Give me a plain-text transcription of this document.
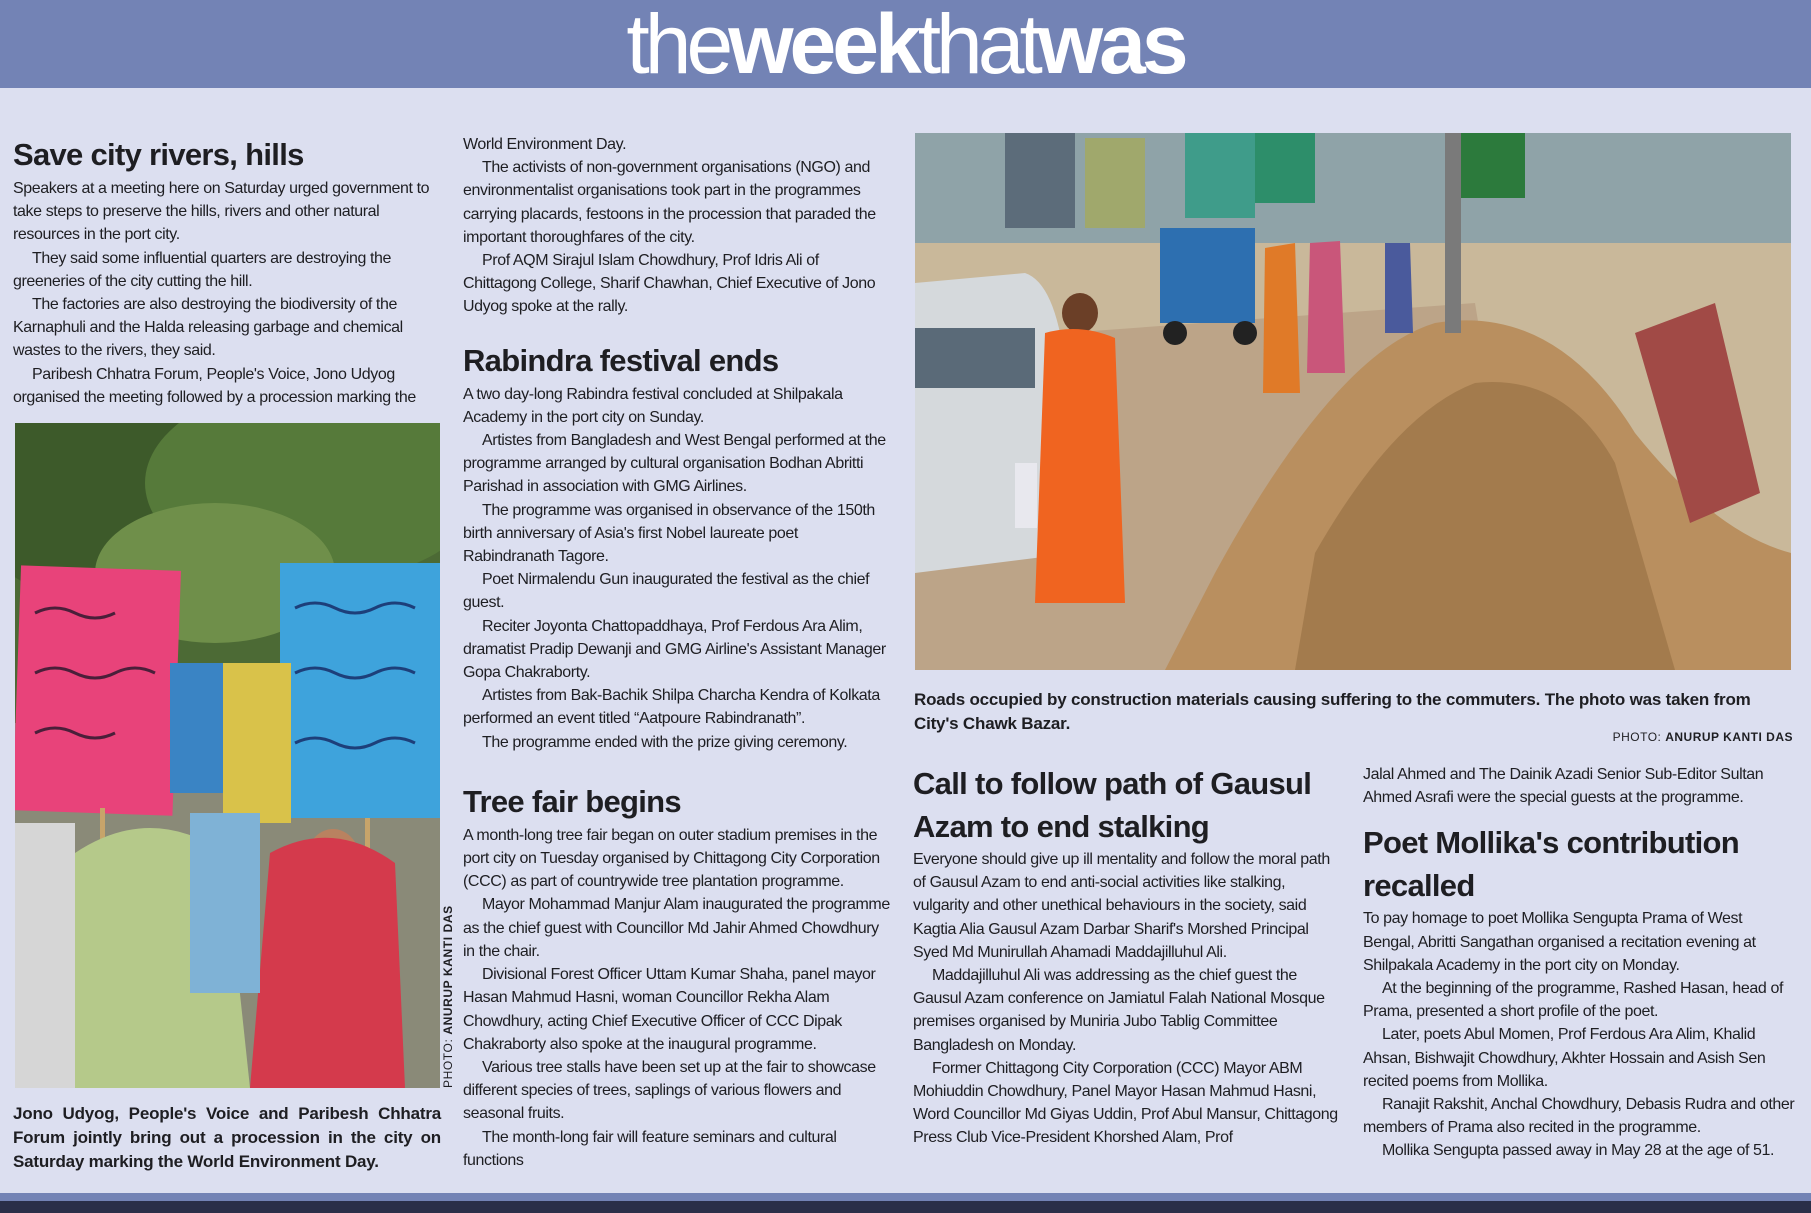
theweekthatwas
Save city rivers, hills

Speakers at a meeting here on Saturday urged government to take steps to preserve the hills, rivers and other natural resources in the port city.

They said some influential quarters are destroying the greeneries of the city cutting the hill.

The factories are also destroying the biodiversity of the Karnaphuli and the Halda releasing garbage and chemical wastes to the rivers, they said.

Paribesh Chhatra Forum, People's Voice, Jono Udyog organised the meeting followed by a procession marking the

PHOTO: ANURUP KANTI DAS
Jono Udyog, People's Voice and Paribesh Chhatra Forum jointly bring out a procession in the city on Saturday marking the World Environment Day.

World Environment Day.

The activists of non-government organisations (NGO) and environmentalist organisations took part in the programmes carrying placards, festoons in the procession that paraded the important thoroughfares of the city.

Prof AQM Sirajul Islam Chowdhury, Prof Idris Ali of Chittagong College, Sharif Chawhan, Chief Executive of Jono Udyog spoke at the rally.

Rabindra festival ends

A two day-long Rabindra festival concluded at Shilpakala Academy in the port city on Sunday.

Artistes from Bangladesh and West Bengal performed at the programme arranged by cultural organisation Bodhan Abritti Parishad in association with GMG Airlines.

The programme was organised in observance of the 150th birth anniversary of Asia's first Nobel laureate poet Rabindranath Tagore.

Poet Nirmalendu Gun inaugurated the festival as the chief guest.

Reciter Joyonta Chattopaddhaya, Prof Ferdous Ara Alim, dramatist Pradip Dewanji and GMG Airline's Assistant Manager Gopa Chakraborty.

Artistes from Bak-Bachik Shilpa Charcha Kendra of Kolkata performed an event titled “Aatpoure Rabindranath”.

The programme ended with the prize giving ceremony.

Tree fair begins

A month-long tree fair began on outer stadium premises in the port city on Tuesday organised by Chittagong City Corporation (CCC) as part of countrywide tree plantation programme.

Mayor Mohammad Manjur Alam inaugurated the programme as the chief guest with Councillor Md Jahir Ahmed Chowdhury in the chair.

Divisional Forest Officer Uttam Kumar Shaha, panel mayor Hasan Mahmud Hasni, woman Councillor Rekha Alam Chowdhury, acting Chief Executive Officer of CCC Dipak Chakraborty also spoke at the inaugural programme.

Various tree stalls have been set up at the fair to showcase different species of trees, saplings of various flowers and seasonal fruits.

The month-long fair will feature seminars and cultural functions

Roads occupied by construction materials causing suffering to the commuters. The photo was taken from City's Chawk Bazar.
PHOTO: ANURUP KANTI DAS
Call to follow path of Gausul Azam to end stalking

Everyone should give up ill mentality and follow the moral path of Gausul Azam to end anti-social activities like stalking, vulgarity and other unethical behaviours in the society, said Kagtia Alia Gausul Azam Darbar Sharif's Morshed Principal Syed Md Munirullah Ahamadi Maddajilluhul Ali.

Maddajilluhul Ali was addressing as the chief guest the Gausul Azam conference on Jamiatul Falah National Mosque premises organised by Muniria Jubo Tablig Committee Bangladesh on Monday.

Former Chittagong City Corporation (CCC) Mayor ABM Mohiuddin Chowdhury, Panel Mayor Hasan Mahmud Hasni, Word Councillor Md Giyas Uddin, Prof Abul Mansur, Chittagong Press Club Vice-President Khorshed Alam, Prof

Jalal Ahmed and The Dainik Azadi Senior Sub-Editor Sultan Ahmed Asrafi were the special guests at the programme.

Poet Mollika's contribution recalled

To pay homage to poet Mollika Sengupta Prama of West Bengal, Abritti Sangathan organised a recitation evening at Shilpakala Academy in the port city on Monday.

At the beginning of the programme, Rashed Hasan, head of Prama, presented a short profile of the poet.

Later, poets Abul Momen, Prof Ferdous Ara Alim, Khalid Ahsan, Bishwajit Chowdhury, Akhter Hossain and Asish Sen recited poems from Mollika.

Ranajit Rakshit, Anchal Chowdhury, Debasis Rudra and other members of Prama also recited in the programme.

Mollika Sengupta passed away in May 28 at the age of 51.
